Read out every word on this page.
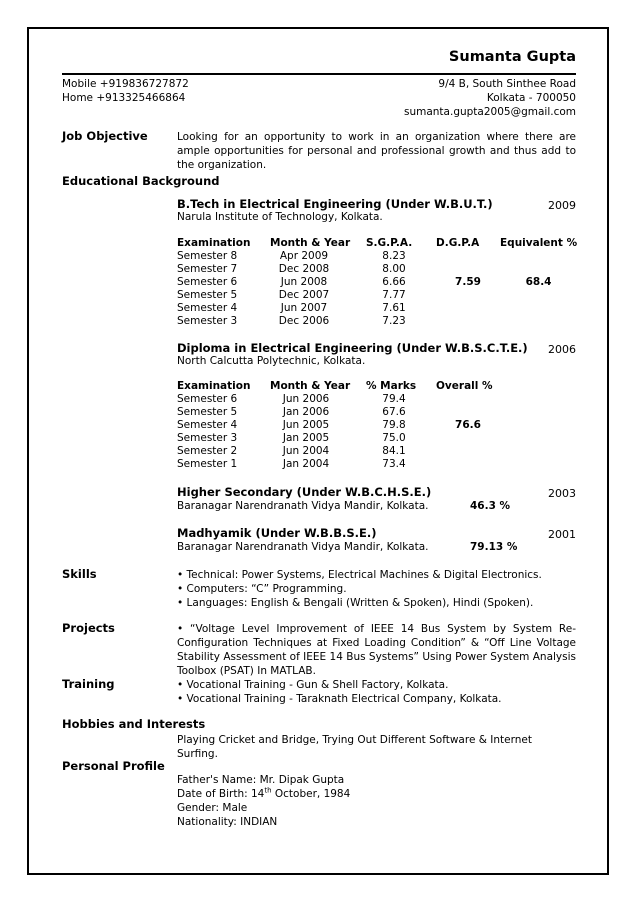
Sumanta Gupta
Mobile +919836727872
Home +913325466864
9/4 B, South Sinthee Road
Kolkata - 700050
sumanta.gupta2005@gmail.com
Job Objective	Looking for an opportunity to work in an organization where there are ample opportunities for personal and professional growth and thus add to the organization.
Educational Background
B.Tech in Electrical Engineering (Under W.B.U.T.)	2009
Narula Institute of Technology, Kolkata.
Examination	Month & Year	S.G.P.A.	D.G.P.A	Equivalent %
Semester 8	Apr 2009	8.23		
Semester 7	Dec 2008	8.00		
Semester 6	Jun 2008	6.66	7.59	68.4
Semester 5	Dec 2007	7.77		
Semester 4	Jun 2007	7.61		
Semester 3	Dec 2006	7.23		
Diploma in Electrical Engineering (Under W.B.S.C.T.E.) 2006
North Calcutta Polytechnic, Kolkata.
Examination	Month & Year	% Marks	Overall %
Semester 6	Jun 2006	79.4	
Semester 5	Jan 2006	67.6	
Semester 4	Jun 2005	79.8	76.6
Semester 3	Jan 2005	75.0	
Semester 2	Jun 2004	84.1	
Semester 1	Jan 2004	73.4	
Higher Secondary (Under W.B.C.H.S.E.)	2003
Baranagar Narendranath Vidya Mandir, Kolkata.	46.3 %
Madhyamik (Under W.B.B.S.E.)	2001
Baranagar Narendranath Vidya Mandir, Kolkata.	79.13 %
Skills	• Technical: Power Systems, Electrical Machines & Digital Electronics.
• Computers: “C” Programming.
• Languages: English & Bengali (Written & Spoken), Hindi (Spoken).
Projects	• “Voltage Level Improvement of IEEE 14 Bus System by System Re-Configuration Techniques at Fixed Loading Condition” & “Off Line Voltage Stability Assessment of IEEE 14 Bus Systems” Using Power System Analysis Toolbox (PSAT) In MATLAB.
Training	• Vocational Training - Gun & Shell Factory, Kolkata.
• Vocational Training - Taraknath Electrical Company, Kolkata.
Hobbies and Interests
Playing Cricket and Bridge, Trying Out Different Software & Internet Surfing.
Personal Profile
Father's Name: Mr. Dipak Gupta
Date of Birth: 14th October, 1984
Gender: Male
Nationality: INDIAN
